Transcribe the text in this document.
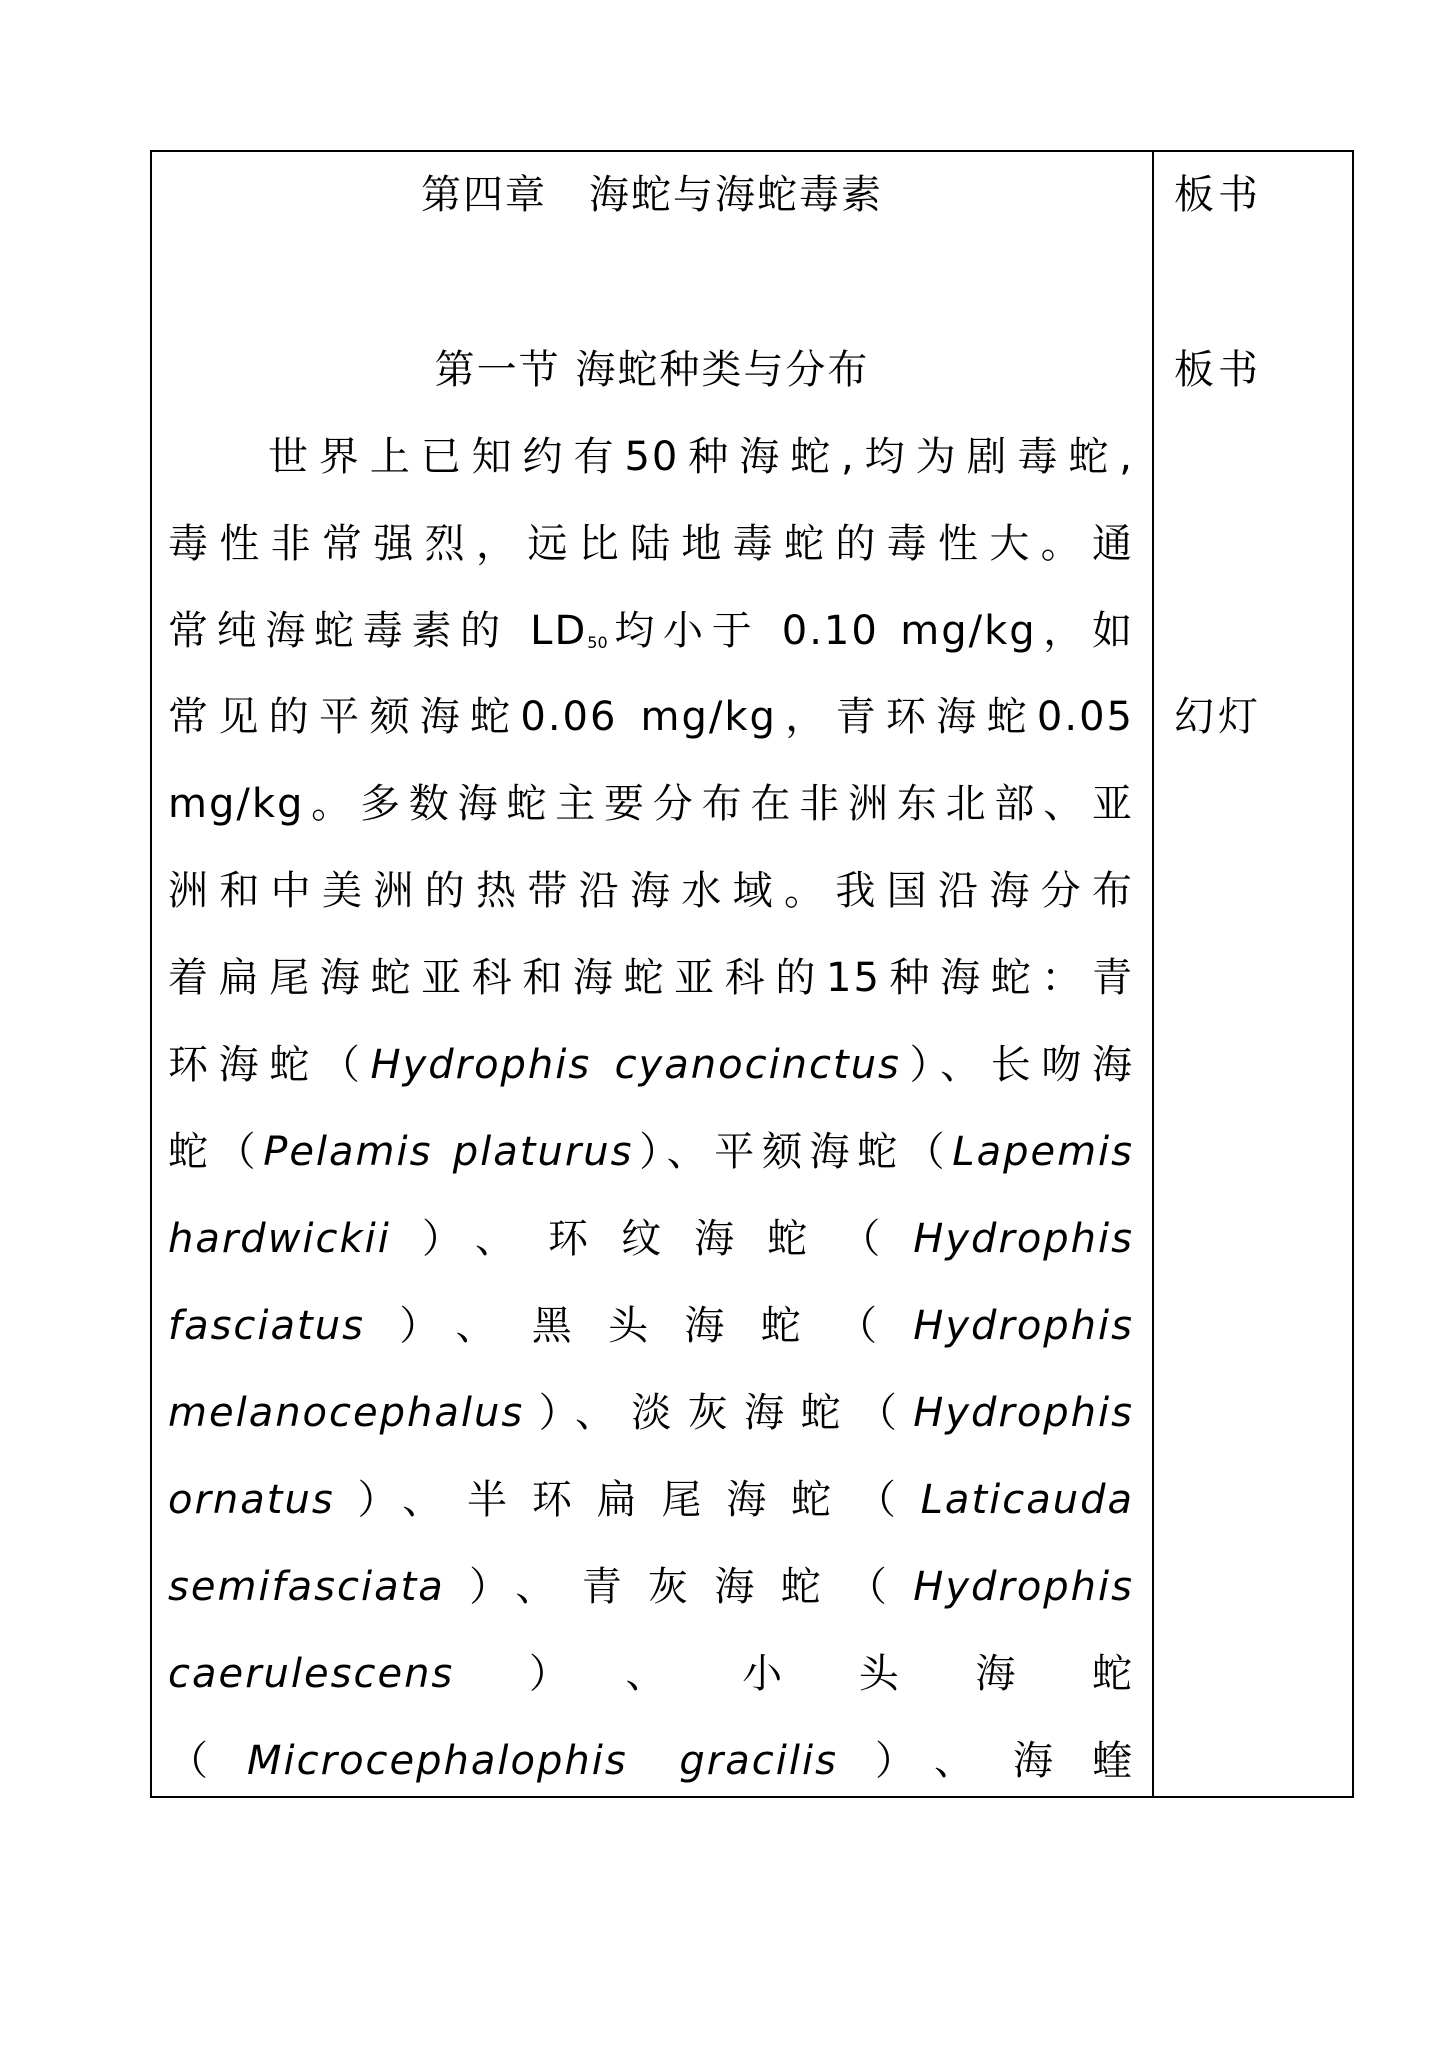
第四章　海蛇与海蛇毒素
第一节 海蛇种类与分布
板书
板书
幻灯
世界上已知约有50种海蛇,均为剧毒蛇,
毒性非常强烈，远比陆地毒蛇的毒性大。通
常纯海蛇毒素的 $LD_{50}$均小于 0.10 mg/kg，如
常见的平颏海蛇0.06 mg/kg，青环海蛇0.05
mg/kg。多数海蛇主要分布在非洲东北部、亚
洲和中美洲的热带沿海水域。我国沿海分布
着扁尾海蛇亚科和海蛇亚科的15种海蛇：青
环海蛇（Hydrophis cyanocinctus）、长吻海
蛇（Pelamis platurus）、平颏海蛇（Lapemis
hardwickii）、环纹海蛇（Hydrophis
fasciatus）、黑头海蛇（Hydrophis
melanocephalus）、淡灰海蛇（Hydrophis
ornatus）、半环扁尾海蛇（Laticauda
semifasciata）、青灰海蛇（Hydrophis
caerulescens）、小头海蛇
（Microcephalophis gracilis）、海蝰
